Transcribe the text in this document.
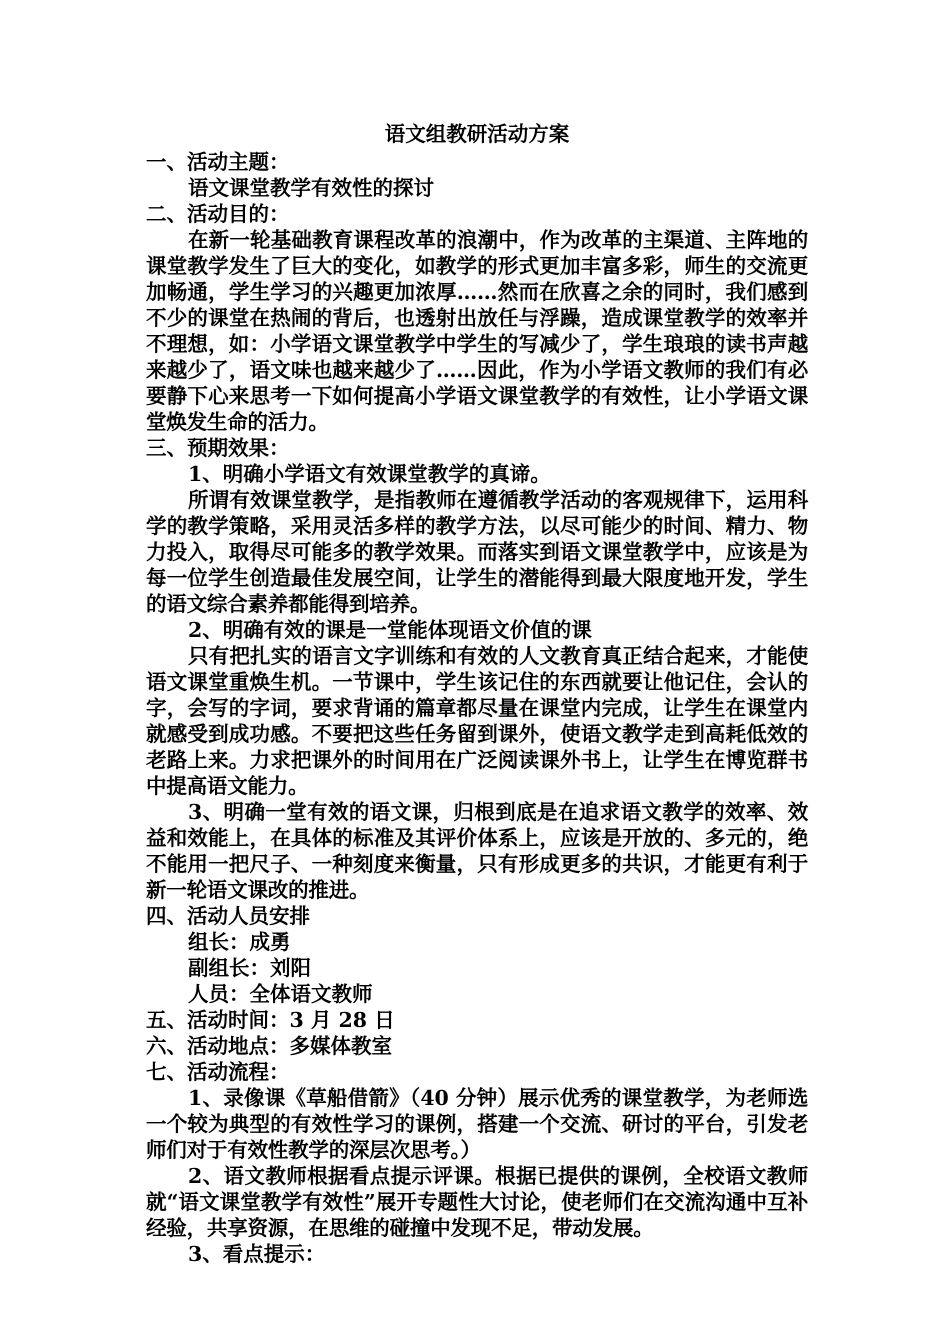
语文组教研活动方案

一、活动主题：

语文课堂教学有效性的探讨

二、活动目的：

在新一轮基础教育课程改革的浪潮中，作为改革的主渠道、主阵地的课堂教学发生了巨大的变化，如教学的形式更加丰富多彩，师生的交流更加畅通，学生学习的兴趣更加浓厚……然而在欣喜之余的同时，我们感到不少的课堂在热闹的背后，也透射出放任与浮躁，造成课堂教学的效率并不理想，如：小学语文课堂教学中学生的写减少了，学生琅琅的读书声越来越少了，语文味也越来越少了……因此，作为小学语文教师的我们有必要静下心来思考一下如何提高小学语文课堂教学的有效性，让小学语文课堂焕发生命的活力。

三、预期效果：

1、明确小学语文有效课堂教学的真谛。

所谓有效课堂教学，是指教师在遵循教学活动的客观规律下，运用科学的教学策略，采用灵活多样的教学方法，以尽可能少的时间、精力、物力投入，取得尽可能多的教学效果。而落实到语文课堂教学中，应该是为每一位学生创造最佳发展空间，让学生的潜能得到最大限度地开发，学生的语文综合素养都能得到培养。

2、明确有效的课是一堂能体现语文价值的课

只有把扎实的语言文字训练和有效的人文教育真正结合起来，才能使语文课堂重焕生机。一节课中，学生该记住的东西就要让他记住，会认的字，会写的字词，要求背诵的篇章都尽量在课堂内完成，让学生在课堂内就感受到成功感。不要把这些任务留到课外，使语文教学走到高耗低效的老路上来。力求把课外的时间用在广泛阅读课外书上，让学生在博览群书中提高语文能力。

3、明确一堂有效的语文课，归根到底是在追求语文教学的效率、效益和效能上，在具体的标准及其评价体系上，应该是开放的、多元的，绝不能用一把尺子、一种刻度来衡量，只有形成更多的共识，才能更有利于新一轮语文课改的推进。

四、活动人员安排

组长：成勇

副组长：刘阳

人员：全体语文教师

五、活动时间：3 月 28 日

六、活动地点：多媒体教室

七、活动流程：

1、录像课《草船借箭》（40 分钟）展示优秀的课堂教学，为老师选一个较为典型的有效性学习的课例，搭建一个交流、研讨的平台，引发老师们对于有效性教学的深层次思考。）

2、语文教师根据看点提示评课。根据已提供的课例，全校语文教师就“语文课堂教学有效性”展开专题性大讨论，使老师们在交流沟通中互补经验，共享资源，在思维的碰撞中发现不足，带动发展。

3、看点提示：
